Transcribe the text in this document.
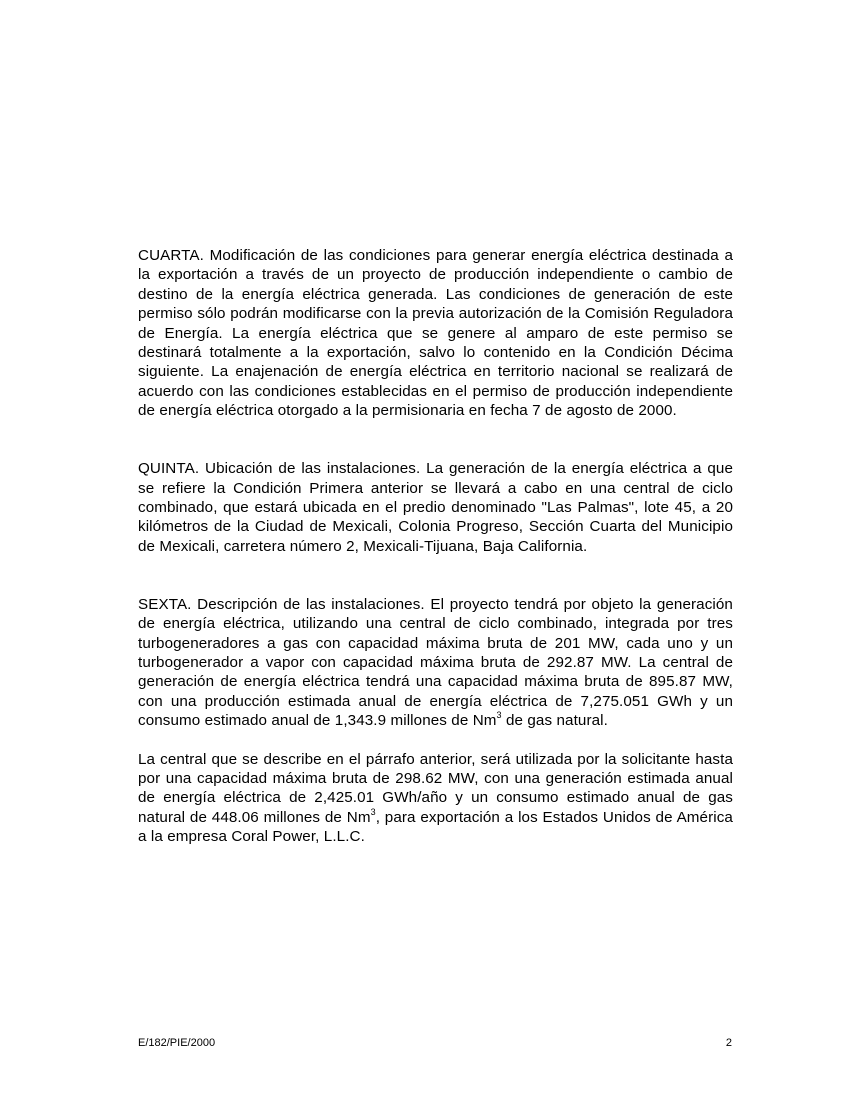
CUARTA. Modificación de las condiciones para generar energía eléctrica destinada a la exportación a través de un proyecto de producción independiente o cambio de destino de la energía eléctrica generada. Las condiciones de generación de este permiso sólo podrán modificarse con la previa autorización de la Comisión Reguladora de Energía. La energía eléctrica que se genere al amparo de este permiso se destinará totalmente a la exportación, salvo lo contenido en la Condición Décima siguiente. La enajenación de energía eléctrica en territorio nacional se realizará de acuerdo con las condiciones establecidas en el permiso de producción independiente de energía eléctrica otorgado a la permisionaria en fecha 7 de agosto de 2000.

QUINTA. Ubicación de las instalaciones. La generación de la energía eléctrica a que se refiere la Condición Primera anterior se llevará a cabo en una central de ciclo combinado, que estará ubicada en el predio denominado "Las Palmas", lote 45, a 20 kilómetros de la Ciudad de Mexicali, Colonia Progreso, Sección Cuarta del Municipio de Mexicali, carretera número 2, Mexicali-Tijuana, Baja California.

SEXTA. Descripción de las instalaciones. El proyecto tendrá por objeto la generación de energía eléctrica, utilizando una central de ciclo combinado, integrada por tres turbogeneradores a gas con capacidad máxima bruta de 201 MW, cada uno y un turbogenerador a vapor con capacidad máxima bruta de 292.87 MW. La central de generación de energía eléctrica tendrá una capacidad máxima bruta de 895.87 MW, con una producción estimada anual de energía eléctrica de 7,275.051 GWh y un consumo estimado anual de 1,343.9 millones de Nm$^3$ de gas natural.

La central que se describe en el párrafo anterior, será utilizada por la solicitante hasta por una capacidad máxima bruta de 298.62 MW, con una generación estimada anual de energía eléctrica de 2,425.01 GWh/año y un consumo estimado anual de gas natural de 448.06 millones de Nm$^3$, para exportación a los Estados Unidos de América a la empresa Coral Power, L.L.C.

E/182/PIE/2000	2
